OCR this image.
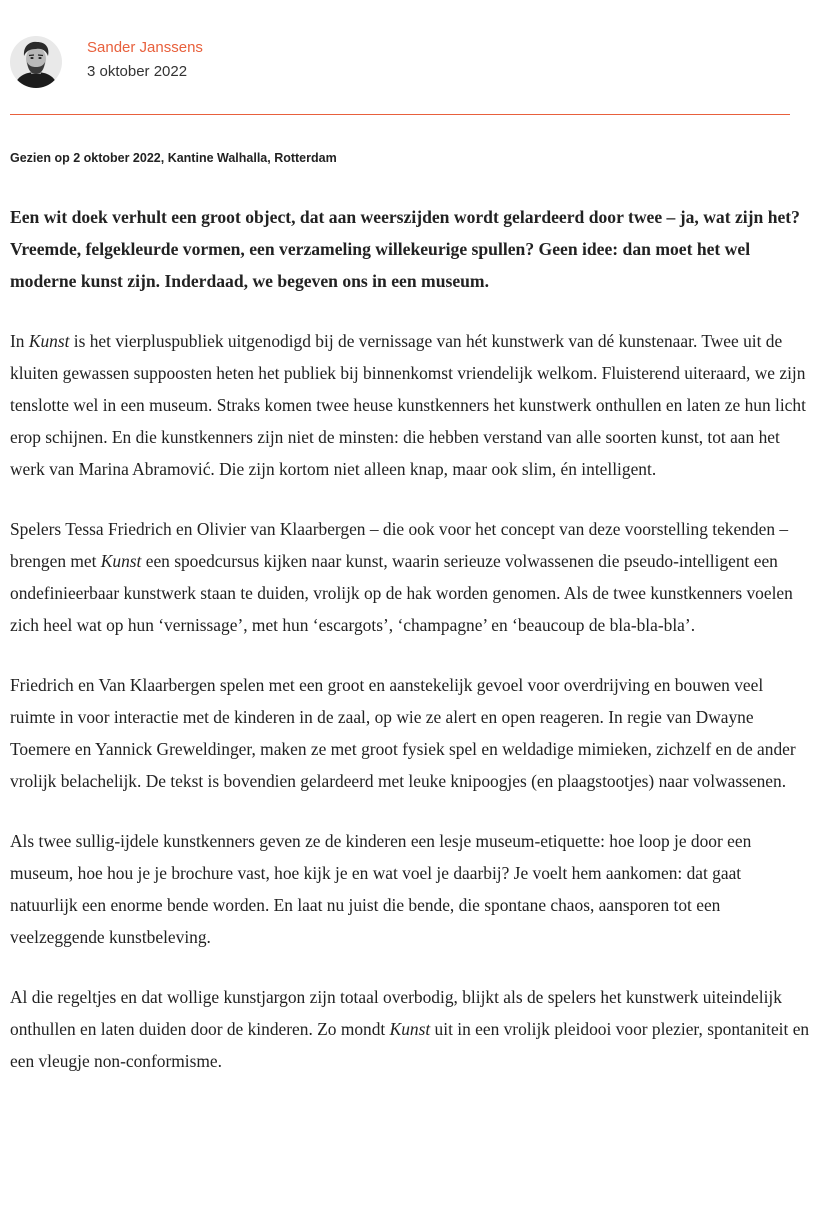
Sander Janssens
3 oktober 2022
Gezien op 2 oktober 2022, Kantine Walhalla, Rotterdam

Een wit doek verhult een groot object, dat aan weerszijden wordt gelardeerd door twee – ja, wat zijn het? Vreemde, felgekleurde vormen, een verzameling willekeurige spullen? Geen idee: dan moet het wel moderne kunst zijn. Inderdaad, we begeven ons in een museum.

In Kunst is het vierpluspubliek uitgenodigd bij de vernissage van hét kunstwerk van dé kunstenaar. Twee uit de kluiten gewassen suppoosten heten het publiek bij binnenkomst vriendelijk welkom. Fluisterend uiteraard, we zijn tenslotte wel in een museum. Straks komen twee heuse kunstkenners het kunstwerk onthullen en laten ze hun licht erop schijnen. En die kunstkenners zijn niet de minsten: die hebben verstand van alle soorten kunst, tot aan het werk van Marina Abramović. Die zijn kortom niet alleen knap, maar ook slim, én intelligent.

Spelers Tessa Friedrich en Olivier van Klaarbergen – die ook voor het concept van deze voorstelling tekenden – brengen met Kunst een spoedcursus kijken naar kunst, waarin serieuze volwassenen die pseudo-intelligent een ondefinieerbaar kunstwerk staan te duiden, vrolijk op de hak worden genomen. Als de twee kunstkenners voelen zich heel wat op hun ‘vernissage’, met hun ‘escargots’, ‘champagne’ en ‘beaucoup de bla-bla-bla’.

Friedrich en Van Klaarbergen spelen met een groot en aanstekelijk gevoel voor overdrijving en bouwen veel ruimte in voor interactie met de kinderen in de zaal, op wie ze alert en open reageren. In regie van Dwayne Toemere en Yannick Greweldinger, maken ze met groot fysiek spel en weldadige mimieken, zichzelf en de ander vrolijk belachelijk. De tekst is bovendien gelardeerd met leuke knipoogjes (en plaagstootjes) naar volwassenen.

Als twee sullig-ijdele kunstkenners geven ze de kinderen een lesje museum-etiquette: hoe loop je door een museum, hoe hou je je brochure vast, hoe kijk je en wat voel je daarbij? Je voelt hem aankomen: dat gaat natuurlijk een enorme bende worden. En laat nu juist die bende, die spontane chaos, aansporen tot een veelzeggende kunstbeleving.

Al die regeltjes en dat wollige kunstjargon zijn totaal overbodig, blijkt als de spelers het kunstwerk uiteindelijk onthullen en laten duiden door de kinderen. Zo mondt Kunst uit in een vrolijk pleidooi voor plezier, spontaniteit en een vleugje non-conformisme.
